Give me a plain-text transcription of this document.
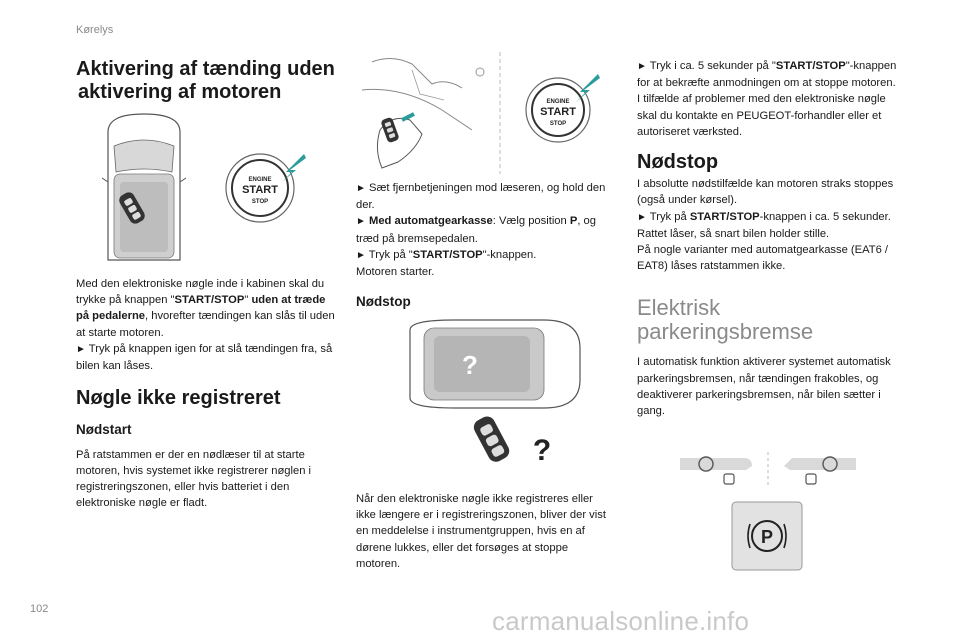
Kørelys
102	carmanualsonline.info
Aktivering af tænding uden
aktivering af motoren
ENGINE
START
STOP

Med den elektroniske nøgle inde i kabinen skal du trykke på knappen "START/STOP" uden at træde på pedalerne, hvorefter tændingen kan slås til uden at starte motoren.

► Tryk på knappen igen for at slå tændingen fra, så bilen kan låses.

Nøgle ikke registreret
Nødstart

På ratstammen er der en nødlæser til at starte motoren, hvis systemet ikke registrerer nøglen i registreringszonen, eller hvis batteriet i den elektroniske nøgle er fladt.

ENGINE
START
STOP

► Sæt fjernbetjeningen mod læseren, og hold den der.

► Med automatgearkasse: Vælg position P, og træd på bremsepedalen.

► Tryk på "START/STOP"-knappen.

Motoren starter.

Nødstop
?
?

Når den elektroniske nøgle ikke registreres eller ikke længere er i registreringszonen, bliver der vist en meddelelse i instrumentgruppen, hvis en af dørene lukkes, eller det forsøges at stoppe motoren.

► Tryk i ca. 5 sekunder på "START/STOP"-knappen for at bekræfte anmodningen om at stoppe motoren.

I tilfælde af problemer med den elektroniske nøgle skal du kontakte en PEUGEOT-forhandler eller et autoriseret værksted.

Nødstop

I absolutte nødstilfælde kan motoren straks stoppes (også under kørsel).

► Tryk på START/STOP-knappen i ca. 5 sekunder.

Rattet låser, så snart bilen holder stille.

På nogle varianter med automatgearkasse (EAT6 / EAT8) låses ratstammen ikke.

Elektrisk
parkeringsbremse

I automatisk funktion aktiverer systemet automatisk parkeringsbremsen, når tændingen frakobles, og deaktiverer parkeringsbremsen, når bilen sætter i gang.

P
